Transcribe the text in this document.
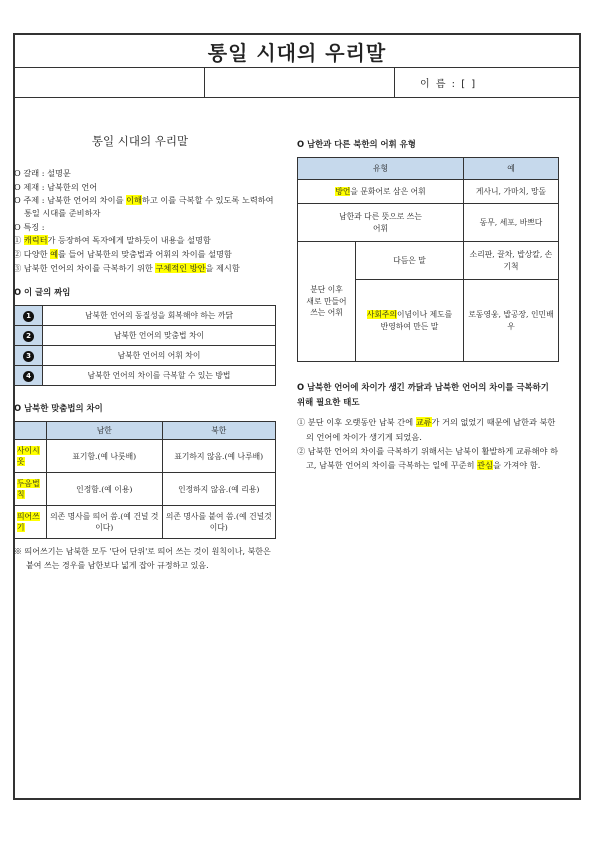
통일 시대의 우리말
이 름 : [ ]
통일 시대의 우리말
O 갈래 : 설명문
O 제재 : 남북한의 언어
O 주제 : 남북한 언어의 차이를 이해하고 이를 극복할 수 있도록 노력하여 통일 시대를 준비하자
O 특징 :
① 캐릭터가 등장하여 독자에게 말하듯이 내용을 설명함
② 다양한 예를 들어 남북한의 맞춤법과 어휘의 차이를 설명함
③ 남북한 언어의 차이를 극복하기 위한 구체적인 방안을 제시함
O 이 글의 짜임
1	남북한 언어의 동질성을 회복해야 하는 까닭
2	남북한 언어의 맞춤법 차이
3	남북한 언어의 어휘 차이
4	남북한 언어의 차이를 극복할 수 있는 방법
O 남북한 맞춤법의 차이
	남한	북한
사이시옷	표기함.(예 나룻배)	표기하지 않음.(예 나루배)
두음법칙	인정함.(예 이용)	인정하지 않음.(예 리용)
띄어쓰기	의존 명사를 띄어 씀.(예 건널 것이다)	의존 명사를 붙여 씀.(예 건널것이다)
※ 띄어쓰기는 남북한 모두 '단어 단위'로 띄어 쓰는 것이 원칙이나, 북한은 붙여 쓰는 경우를 남한보다 넓게 잡아 규정하고 있음.
O 남한과 다른 북한의 어휘 유형
유형		예
방언을 문화어로 삼은 어휘		게사니, 가마치, 망돌
남한과 다른 뜻으로 쓰는 어휘		동무, 세포, 바쁘다
분단 이후 새로 만들어 쓰는 어휘	다듬은 말	소리판, 끌차, 밥상칼, 손기척
	사회주의이념이나 제도를 반영하여 만든 말	로동영웅, 밥공장, 인민배우
O 남북한 언어에 차이가 생긴 까닭과 남북한 언어의 차이를 극복하기 위해 필요한 태도
① 분단 이후 오랫동안 남북 간에 교류가 거의 없었기 때문에 남한과 북한의 언어에 차이가 생기게 되었음.
② 남북한 언어의 차이를 극복하기 위해서는 남북이 활발하게 교류해야 하고, 남북한 언어의 차이를 극복하는 일에 꾸준히 관심을 가져야 함.
